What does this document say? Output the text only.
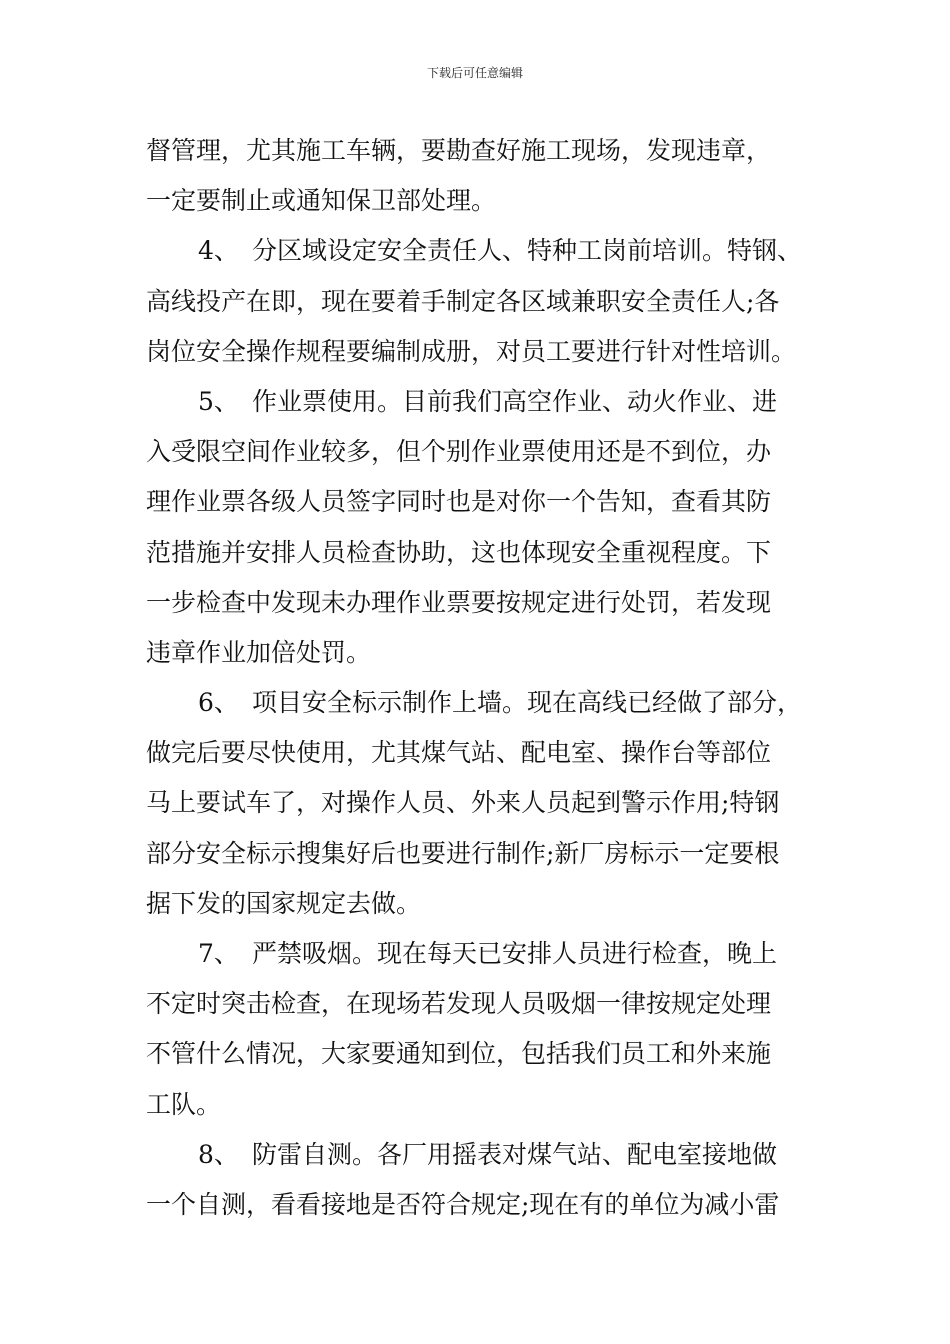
下载后可任意编辑
督管理，尤其施工车辆，要勘查好施工现场，发现违章，
一定要制止或通知保卫部处理。
4、 分区域设定安全责任人、特种工岗前培训。特钢、
高线投产在即，现在要着手制定各区域兼职安全责任人;各
岗位安全操作规程要编制成册，对员工要进行针对性培训。
5、 作业票使用。目前我们高空作业、动火作业、进
入受限空间作业较多，但个别作业票使用还是不到位，办
理作业票各级人员签字同时也是对你一个告知，查看其防
范措施并安排人员检查协助，这也体现安全重视程度。下
一步检查中发现未办理作业票要按规定进行处罚，若发现
违章作业加倍处罚。
6、 项目安全标示制作上墙。现在高线已经做了部分，
做完后要尽快使用，尤其煤气站、配电室、操作台等部位
马上要试车了，对操作人员、外来人员起到警示作用;特钢
部分安全标示搜集好后也要进行制作;新厂房标示一定要根
据下发的国家规定去做。
7、 严禁吸烟。现在每天已安排人员进行检查，晚上
不定时突击检查，在现场若发现人员吸烟一律按规定处理
不管什么情况，大家要通知到位，包括我们员工和外来施
工队。
8、 防雷自测。各厂用摇表对煤气站、配电室接地做
一个自测，看看接地是否符合规定;现在有的单位为减小雷
